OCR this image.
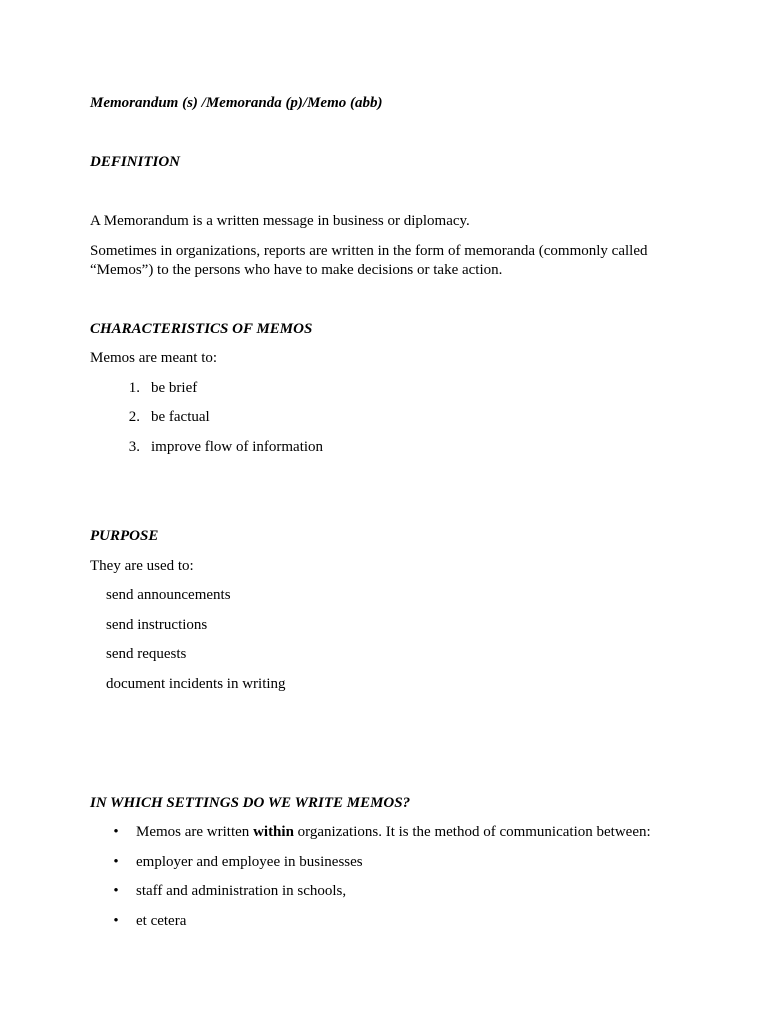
Memorandum (s) /Memoranda (p)/Memo (abb)
DEFINITION
A Memorandum is a written message in business or diplomacy.
Sometimes in organizations, reports are written in the form of memoranda (commonly called
“Memos”) to the persons who have to make decisions or take action.
CHARACTERISTICS OF MEMOS
Memos are meant to:
1. be brief
2. be factual
3. improve flow of information
PURPOSE
They are used to:
send announcements
send instructions
send requests
document incidents in writing
IN WHICH SETTINGS DO WE WRITE MEMOS?
• Memos are written within organizations. It is the method of communication between:
• employer and employee in businesses
• staff and administration in schools,
• et cetera
